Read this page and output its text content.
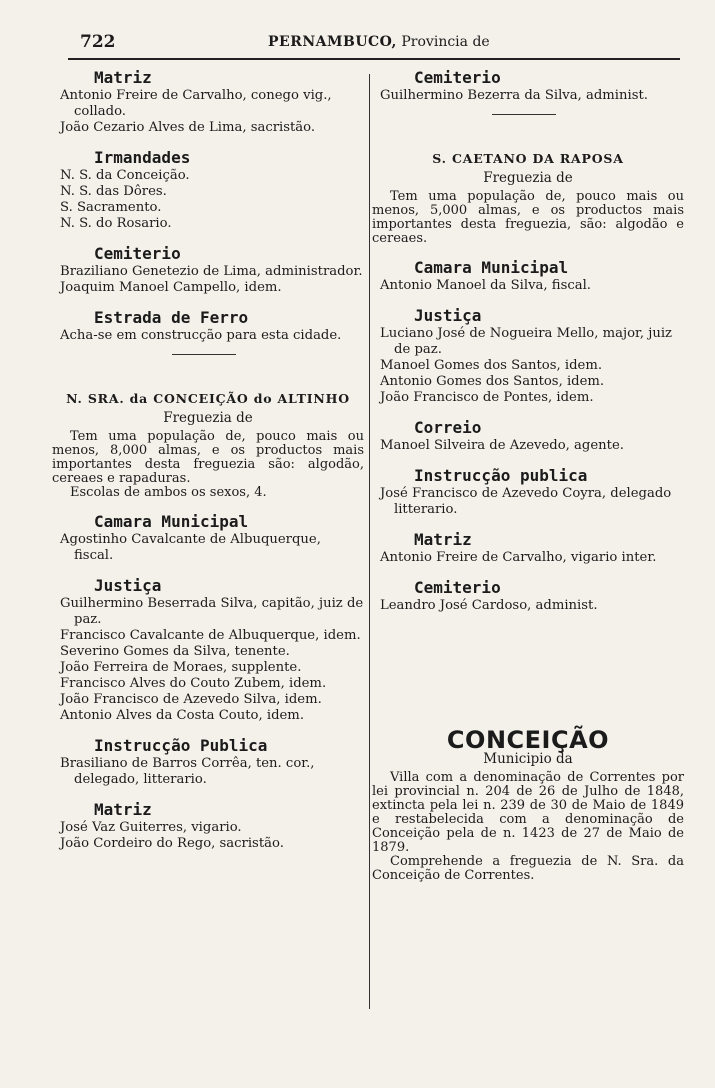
722	PERNAMBUCO, Provincia de
Matriz

Antonio Freire de Carvalho, conego vig., collado.

João Cezario Alves de Lima, sacristão.

Irmandades

N. S. da Conceição.

N. S. das Dôres.

S. Sacramento.

N. S. do Rosario.

Cemiterio

Braziliano Genetezio de Lima, administrador.

Joaquim Manoel Campello, idem.

Estrada de Ferro

Acha-se em construcção para esta cidade.

N. SRA. da CONCEIÇÃO do ALTINHO
Freguezia de

Tem uma população de, pouco mais ou menos, 8,000 almas, e os productos mais importantes desta freguezia são: algodão, cereaes e rapaduras.

Escolas de ambos os sexos, 4.

Camara Municipal

Agostinho Cavalcante de Albuquerque, fiscal.

Justiça

Guilhermino Beserrada Silva, capitão, juiz de paz.

Francisco Cavalcante de Albuquerque, idem.

Severino Gomes da Silva, tenente.

João Ferreira de Moraes, supplente.

Francisco Alves do Couto Zubem, idem.

João Francisco de Azevedo Silva, idem.

Antonio Alves da Costa Couto, idem.

Instrucção Publica

Brasiliano de Barros Corrêa, ten. cor., delegado, litterario.

Matriz

José Vaz Guiterres, vigario.

João Cordeiro do Rego, sacristão.

Cemiterio

Guilhermino Bezerra da Silva, administ.

S. CAETANO DA RAPOSA
Freguezia de

Tem uma população de, pouco mais ou menos, 5,000 almas, e os productos mais importantes desta freguezia, são: algodão e cereaes.

Camara Municipal

Antonio Manoel da Silva, fiscal.

Justiça

Luciano José de Nogueira Mello, major, juiz de paz.

Manoel Gomes dos Santos, idem.

Antonio Gomes dos Santos, idem.

João Francisco de Pontes, idem.

Correio

Manoel Silveira de Azevedo, agente.

Instrucção publica

José Francisco de Azevedo Coyra, delegado litterario.

Matriz

Antonio Freire de Carvalho, vigario inter.

Cemiterio

Leandro José Cardoso, administ.

CONCEIÇÃO
Municipio da

Villa com a denominação de Correntes por lei provincial n. 204 de 26 de Julho de 1848, extincta pela lei n. 239 de 30 de Maio de 1849 e restabelecida com a denominação de Conceição pela de n. 1423 de 27 de Maio de 1879.

Comprehende a freguezia de N. Sra. da Conceição de Correntes.
